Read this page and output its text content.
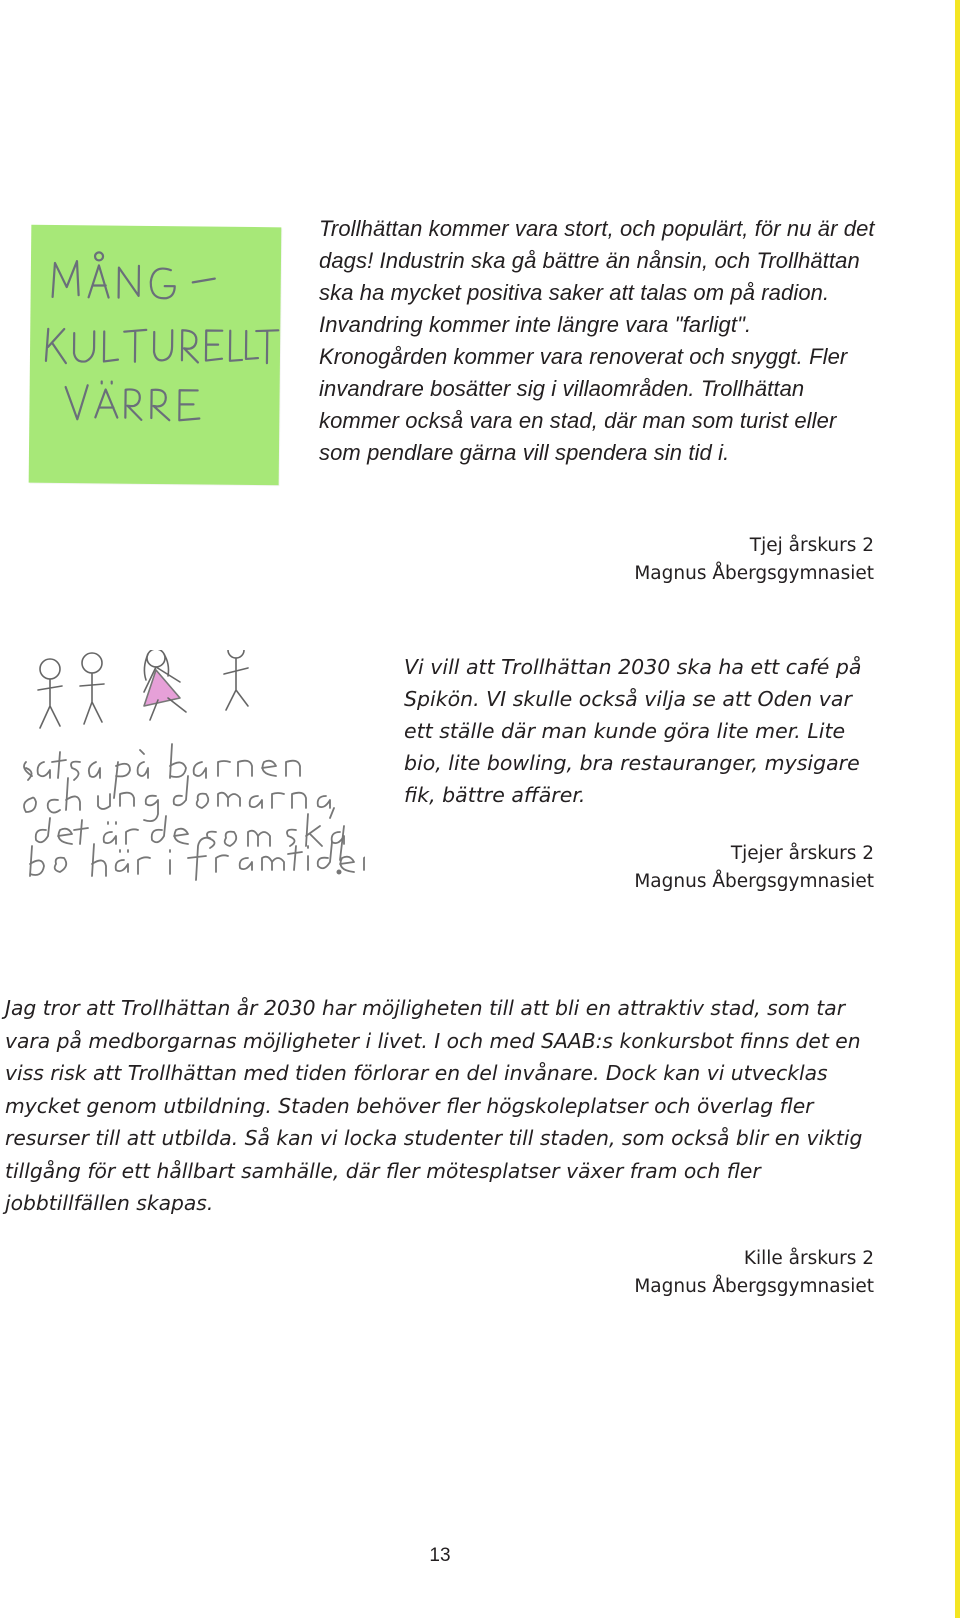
Trollhättan kommer vara stort, och populärt, för nu är det dags! Industrin ska gå bättre än nånsin, och Trollhättan ska ha mycket positiva saker att talas om på radion. Invandring kommer inte längre vara "farligt". Kronogården kommer vara renoverat och snyggt. Fler invandrare bosätter sig i villaområden. Trollhättan kommer också vara en stad, där man som turist eller som pendlare gärna vill spendera sin tid i.

Tjej årskurs 2
Magnus Åbergsgymnasiet

Vi vill att Trollhättan 2030 ska ha ett café på Spikön. VI skulle också vilja se att Oden var ett ställe där man kunde göra lite mer. Lite bio, lite bowling, bra restauranger, mysigare fik, bättre affärer.

Tjejer årskurs 2
Magnus Åbergsgymnasiet

Jag tror att Trollhättan år 2030 har möjligheten till att bli en attraktiv stad, som tar vara på medborgarnas möjligheter i livet. I och med SAAB:s konkursbot finns det en viss risk att Trollhättan med tiden förlorar en del invånare. Dock kan vi utvecklas mycket genom utbildning. Staden behöver fler högskoleplatser och överlag fler resurser till att utbilda. Så kan vi locka studenter till staden, som också blir en viktig tillgång för ett hållbart samhälle, där fler mötesplatser växer fram och fler jobbtillfällen skapas.

Kille årskurs 2
Magnus Åbergsgymnasiet
13
